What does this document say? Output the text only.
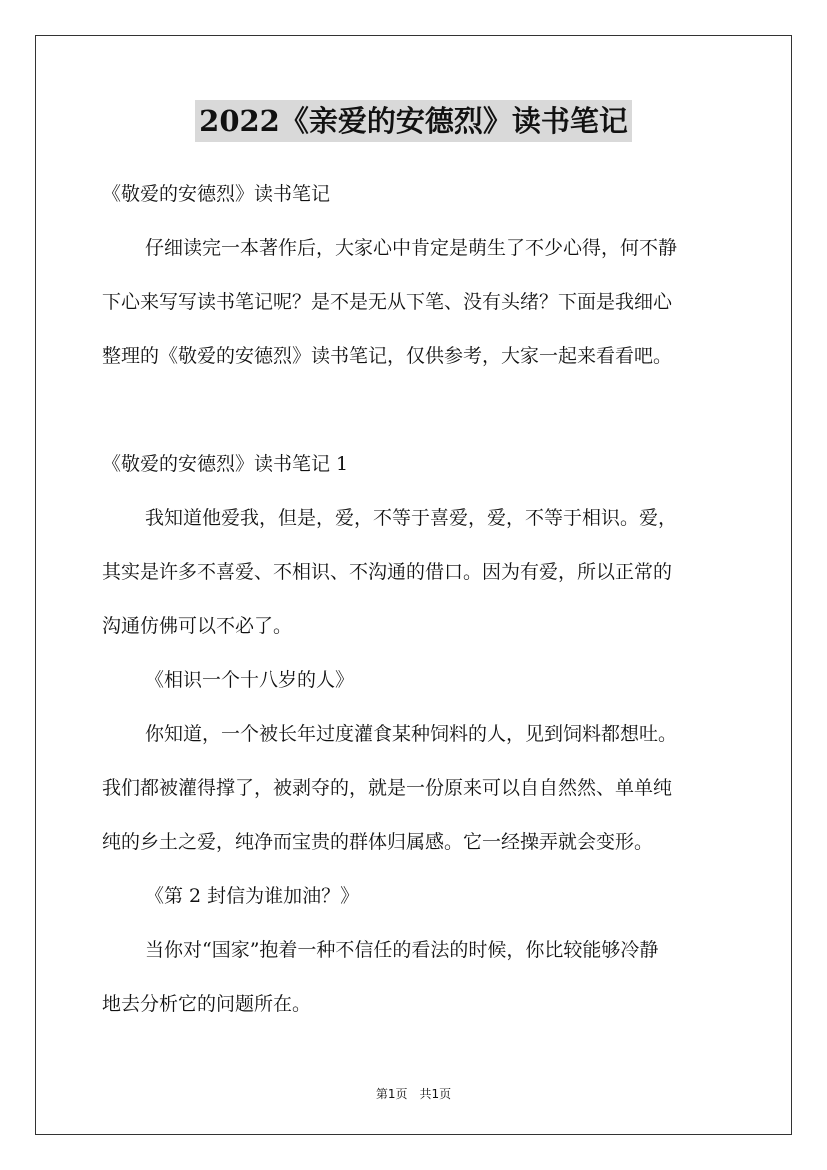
2022《亲爱的安德烈》读书笔记
《敬爱的安德烈》读书笔记
仔细读完一本著作后，大家心中肯定是萌生了不少心得，何不静
下心来写写读书笔记呢？是不是无从下笔、没有头绪？下面是我细心
整理的《敬爱的安德烈》读书笔记，仅供参考，大家一起来看看吧。
《敬爱的安德烈》读书笔记 1
我知道他爱我，但是，爱，不等于喜爱，爱，不等于相识。爱，
其实是许多不喜爱、不相识、不沟通的借口。因为有爱，所以正常的
沟通仿佛可以不必了。
《相识一个十八岁的人》
你知道，一个被长年过度灌食某种饲料的人，见到饲料都想吐。
我们都被灌得撑了，被剥夺的，就是一份原来可以自自然然、单单纯
纯的乡土之爱，纯净而宝贵的群体归属感。它一经操弄就会变形。
《第 2 封信为谁加油？》
当你对“国家”抱着一种不信任的看法的时候，你比较能够冷静
地去分析它的问题所在。
第1页　共1页
